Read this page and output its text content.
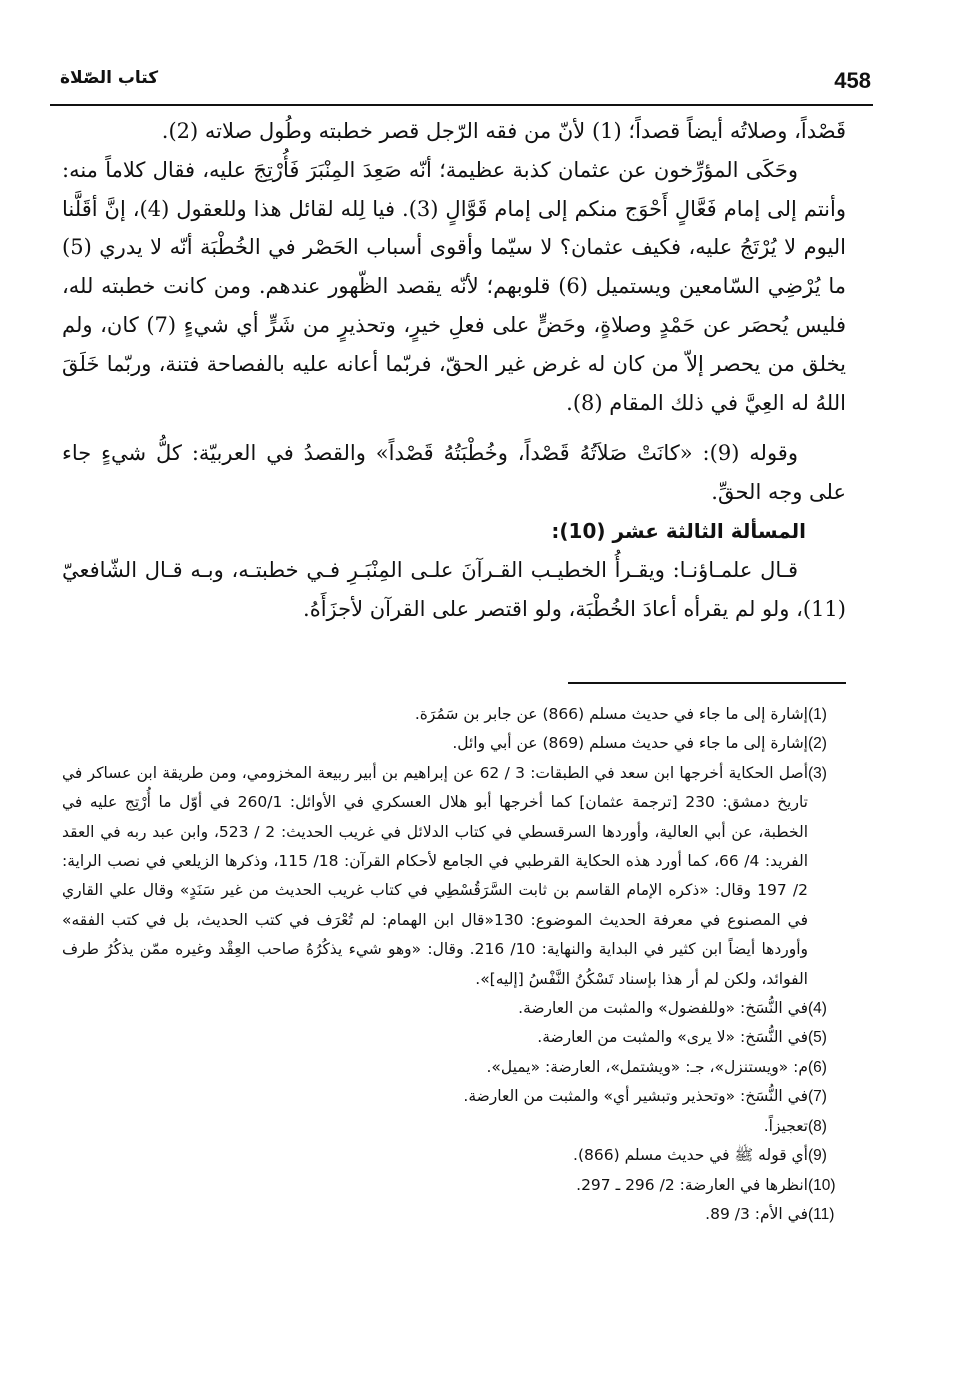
458
كتاب الصّلاة

قَصْداً، وصلاتُه أيضاً قصداً؛ (1) لأنّ من فقه الرّجل قصر خطبته وطُول صلاته (2).

وحَكَى المؤرِّخون عن عثمان كذبة عظيمة؛ أنّه صَعِدَ المِنْبَرَ فَأُرْتِجَ عليه، فقال كلاماً منه: وأنتم إلى إمام فَعَّالٍ أَحْوَج منكم إلى إمام قَوَّالٍ (3). فيا لِله لقائل هذا وللعقول (4)، إنَّ أقَلَّنا اليوم لا يُرْتَجُ عليه، فكيف عثمان؟ لا سيّما وأقوى أسباب الحَصْر في الخُطْبَة أنّه لا يدري (5) ما يُرْضِي السّامعين ويستميل (6) قلوبهم؛ لأنّه يقصد الظّهور عندهم. ومن كانت خطبته لله، فليس يُحصَر عن حَمْدٍ وصلاةٍ، وحَضٍّ على فعلِ خيرٍ، وتحذيرٍ من شَرٍّ أي شيءٍ (7) كان، ولم يخلق من يحصر إلاّ من كان له غرض غير الحقّ، فربّما أعانه عليه بالفصاحة فتنة، وربّما خَلَقَ اللهُ له العِيَّ في ذلك المقام (8).

وقوله (9): «كانَتْ صَلاَتُهُ قَصْداً، وخُطْبَتُهُ قَصْداً» والقصدُ في العربيّة: كلُّ شيءٍ جاء على وجه الحقِّ.

المسألة الثالثة عشر (10):

قـال علمـاؤنـا: ويقـرأُ الخطيـب القـرآنَ علـى المِنْبَـرِ فـي خطبتـه، وبـه قـال الشّافعيّ (11)، ولو لم يقرأه أعادَ الخُطْبَة، ولو اقتصر على القرآن لأجزَأَهُ.

(1)
إشارة إلى ما جاء في حديث مسلم (866) عن جابر بن سَمُرَة.
(2)
إشارة إلى ما جاء في حديث مسلم (869) عن أبي وائل.
(3)
أصل الحكاية أخرجها ابن سعد في الطبقات: 3 / 62 عن إبراهيم بن أبير ربيعة المخزومي، ومن طريقة ابن عساكر في تاريخ دمشق: 230 [ترجمة عثمان] كما أخرجها أبو هلال العسكري في الأوائل: 260/1 في أوّل ما أُرْتِج عليه في الخطبة، عن أبي العالية، وأوردها السرقسطي في كتاب الدلائل في غريب الحديث: 2 / 523، وابن عبد ربه في العقد الفريد: 4/ 66، كما أورد هذه الحكاية القرطبي في الجامع لأحكام القرآن: 18/ 115، وذكرها الزيلعي في نصب الراية: 2/ 197 وقال: «ذكره الإمام القاسم بن ثابت السَّرَقُسْطِي في كتاب غريب الحديث من غير سَنَدٍ» وقال علي القاري في المصنوع في معرفة الحديث الموضوع: 130«قال ابن الهمام: لم تُعْرَف في كتب الحديث، بل في كتب الفقه» وأوردها أيضاً ابن كثير في البداية والنهاية: 10/ 216. وقال: «وهو شيء يذكُرُهُ صاحب العِقْد وغيره ممّن يذكُرُ طرف الفوائد، ولكن لم أر هذا بإسناد تَسْكُنُ النَّفْسُ [إليه]».
(4)
في النُّسَخ: «وللفضول» والمثبت من العارضة.
(5)
في النُّسَخ: «لا يرى» والمثبت من العارضة.
(6)
م: «ويستنزل»، جـ: «ويشتمل»، العارضة: «يميل».
(7)
في النُّسَخ: «وتحذير وتبشير أي» والمثبت من العارضة.
(8)
تعجيزاً.
(9)
أي قوله ﷺ في حديث مسلم (866).
(10)
انظرها في العارضة: 2/ 296 ـ 297.
(11)
في الأم: 3/ 89.
